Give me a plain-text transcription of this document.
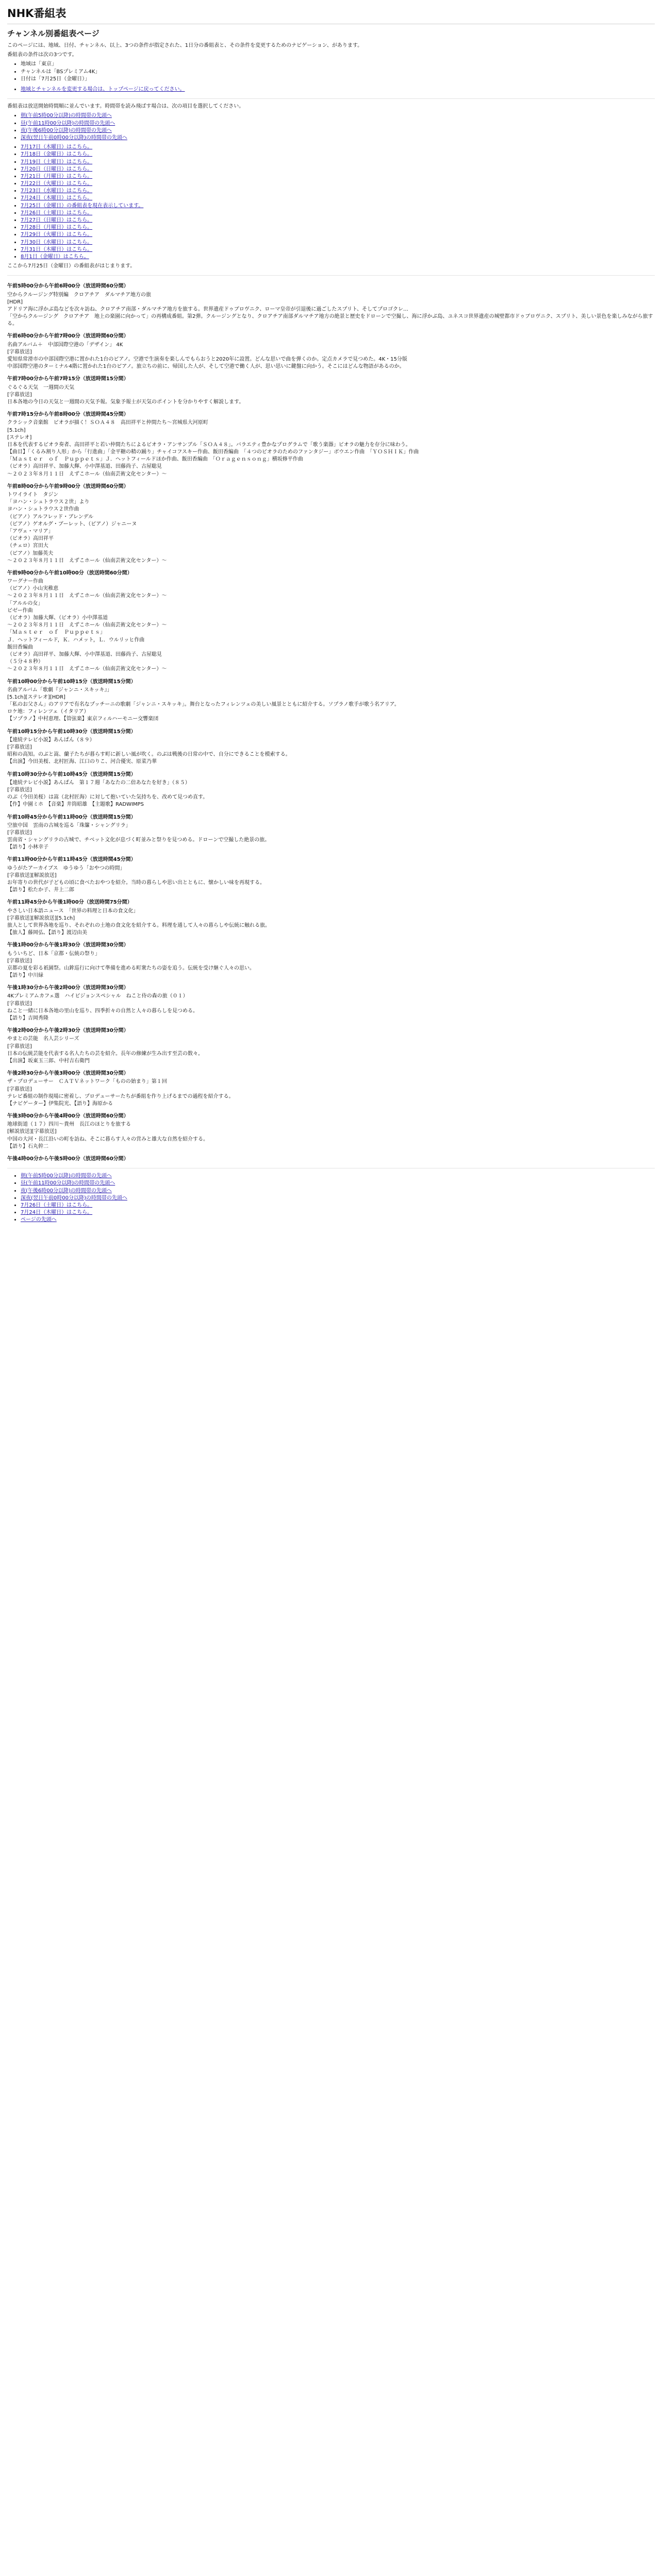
NHK番組表
チャンネル別番組表ページ

このページには、地域、日付、チャンネル、以上、3つの条件が指定された、1日分の番組表と、その条件を変更するためのナビゲーション、があります。

番組表の条件は次の3つです。

• 地域は「東京」
• チャンネルは「BSプレミアム4K」
• 日付は「7月25日（金曜日）」
• 地域とチャンネルを変更する場合は、トップページに戻ってください。

番組表は放送開始時間順に並んでいます。時間帯を読み飛ばす場合は、次の項目を選択してください。

• 朝(午前5時00分以降)の時間帯の先頭へ
• 昼(午前11時00分以降)の時間帯の先頭へ
• 夜(午後6時00分以降)の時間帯の先頭へ
• 深夜(翌日午前0時00分以降)の時間帯の先頭へ
• 7月17日（木曜日）はこちら。
• 7月18日（金曜日）はこちら。
• 7月19日（土曜日）はこちら。
• 7月20日（日曜日）はこちら。
• 7月21日（月曜日）はこちら。
• 7月22日（火曜日）はこちら。
• 7月23日（水曜日）はこちら。
• 7月24日（木曜日）はこちら。
• 7月25日（金曜日）の番組表を現在表示しています。
• 7月26日（土曜日）はこちら。
• 7月27日（日曜日）はこちら。
• 7月28日（月曜日）はこちら。
• 7月29日（火曜日）はこちら。
• 7月30日（水曜日）はこちら。
• 7月31日（木曜日）はこちら。
• 8月1日（金曜日）はこちら。

ここから7月25日（金曜日）の番組表がはじまります。

午前5時00分から午前6時00分（放送時間60分間）

空からクルージング特別編　クロアチア　ダルマチア地方の旅

[HDR]

アドリア海に浮かぶ島などを次々訪ね、クロアチア南部・ダルマチア地方を旅する。世界遺産ドゥブロヴニク、ローマ皇帝が引退後に過ごしたスプリト、そしてプロゴクレ…

「空からクルージング　クロアチア　地上の楽園に向かって」の再構成番組。第2弾。クルージングとなり、クロアチア南部ダルマチア地方の絶景と歴史をドローンで空撮し、海に浮かぶ島、ユネスコ世界遺産の城壁都市ドゥブロヴニク、スプリト、美しい景色を楽しみながら旅する。

午前6時00分から午前7時00分（放送時間60分間）

名曲アルバム＋　中部国際空港の「デザイン」 4K

[字幕放送]

愛知県常滑市の中部国際空港に置かれた1台のピアノ。空港で生演奏を楽しんでもらおうと2020年に設置。どんな思いで曲を弾くのか。定点カメラで見つめた。4K・15分版

中部国際空港のターミナル4階に置かれた1台のピアノ。旅立ちの前に、帰国した人が、そして空港で働く人が、思い思いに鍵盤に向かう。そこにはどんな物語があるのか。

午前7時00分から午前7時15分（放送時間15分間）

ぐるぐる天気　一週間の天気

[字幕放送]

日本各地の今日の天気と一週間の天気予報。気象予報士が天気のポイントを分かりやすく解説します。

午前7時15分から午前8時00分（放送時間45分間）

クラシック音楽館　ビオラが描く！ＳＯＡ４８　高田祥平と仲間たち～宮城県大河原町

[5.1ch]

[ステレオ]

日本を代表するビオラ奏者、高田祥平と若い仲間たちによるビオラ・アンサンブル「ＳＯＡ４８」。バラエティ豊かなプログラムで「歌う楽器」ビオラの魅力を存分に味わう。

【曲目】「くるみ割り人形」から「行進曲」「金平糖の精の踊り」チャイコフスキー作曲、飯田香編曲　「４つのビオラのためのファンタジー」ボウエン作曲　「ＹＯＳＨＩＫ」作曲

「Ｍａｓｔｅｒ　ｏｆ　Ｐｕｐｐｅｔｓ」Ｊ．ヘットフィールドほか作曲、飯田香編曲　「Ｏｒａｇｅｎｓｏｎｇ」横坂修平作曲

（ビオラ）高田祥平、加藤大輝、小中澤基道、田藤尚子、古屋聡見

～２０２３年８月１１日　えずこホール（仙南芸術文化センター）～

午前8時00分から午前9時00分（放送時間60分間）

トワイライト　タジン

「ヨハン・シュトラウス２世」より

ヨハン・シュトラウス２世作曲

（ピアノ）アルフレッド・ブレンデル

（ピアノ）ゲオルグ・ブーレット、（ピアノ）ジャニーヌ

「アヴェ・マリア」

（ビオラ）高田祥平

（チェロ）宮田大

（ピアノ）加藤英夫

～２０２３年８月１１日　えずこホール（仙南芸術文化センター）～

午前9時00分から午前10時00分（放送時間60分間）

ワーグナー作曲

（ピアノ）小山実稚恵

～２０２３年８月１１日　えずこホール（仙南芸術文化センター）～

「アルルの女」

ビゼー作曲

（ビオラ）加藤大輝、（ビオラ）小中澤基道

～２０２３年８月１１日　えずこホール（仙南芸術文化センター）～

「Ｍａｓｔｅｒ　ｏｆ　Ｐｕｐｐｅｔｓ」

Ｊ．ヘットフィールド，Ｋ．ハメット，Ｌ．ウルリッヒ作曲

飯田香編曲

（ビオラ）高田祥平、加藤大輝、小中澤基道、田藤尚子、古屋聡見

（５分４８秒）

～２０２３年８月１１日　えずこホール（仙南芸術文化センター）～

午前10時00分から午前10時15分（放送時間15分間）

名曲アルバム「歌劇『ジャンニ・スキッキ』」

[5.1ch][ステレオ][HDR]

「私のお父さん」のアリアで有名なプッチーニの歌劇「ジャンニ・スキッキ」。舞台となったフィレンツェの美しい風景とともに紹介する。ソプラノ歌手が歌う名アリア。

ロケ地：フィレンツェ（イタリア）

【ソプラノ】中村恵理、【管弦楽】東京フィルハーモニー交響楽団

午前10時15分から午前10時30分（放送時間15分間）

【連続テレビ小説】あんぱん（８９）

[字幕放送]

昭和の高知。のぶと嵩、蘭子たちが暮らす町に新しい風が吹く。のぶは戦後の日常の中で、自分にできることを模索する。

【出演】今田美桜、北村匠海、江口のりこ、河合優実、原菜乃華

午前10時30分から午前10時45分（放送時間15分間）

【連続テレビ小説】あんぱん　第１７週「あなたの二倍あなたを好き」（８５）

[字幕放送]

のぶ（今田美桜）は嵩（北村匠海）に対して抱いていた気持ちを、改めて見つめ直す。

【作】中園ミホ　【音楽】井筒昭雄　【主題歌】RADWIMPS

午前10時45分から午前11時00分（放送時間15分間）

空旅中国　雲南の古城を巡る「珠簾・シャングリラ」

[字幕放送]

雲南省・シャングリラの古城で、チベット文化が息づく町並みと祭りを見つめる。ドローンで空撮した絶景の旅。

【語り】小林幸子

午前11時00分から午前11時45分（放送時間45分間）

ゆうがたアーカイブス　ゆうゆう「おやつの時間」

[字幕放送][解説放送]

お年寄りの世代が子どもの頃に食べたおやつを紹介。当時の暮らしや思い出とともに、懐かしい味を再現する。

【語り】松たか子、井上二郎

午前11時45分から午後1時00分（放送時間75分間）

やさしい日本語ニュース　「世界の料理と日本の食文化」

[字幕放送][解説放送][5.1ch]

旅人として世界各地を巡り、それぞれの土地の食文化を紹介する。料理を通して人々の暮らしや伝統に触れる旅。

【旅人】藤岡弘、【語り】渡辺由美

午後1時00分から午後1時30分（放送時間30分間）

もういちど、日本「京都・伝統の祭り」

[字幕放送]

京都の夏を彩る祇園祭。山鉾巡行に向けて準備を進める町衆たちの姿を追う。伝統を受け継ぐ人々の思い。

【語り】中川緑

午後1時30分から午後2時00分（放送時間30分間）

4Kプレミアムカフェ選　ハイビジョンスペシャル　ねこと侍の森の旅（０１）

[字幕放送]

ねこと一緒に日本各地の里山を巡り、四季折々の自然と人々の暮らしを見つめる。

【語り】吉岡秀隆

午後2時00分から午後2時30分（放送時間30分間）

やまとの芸能　名人芸シリーズ

[字幕放送]

日本の伝統芸能を代表する名人たちの芸を紹介。長年の修練が生み出す至芸の数々。

【出演】坂東玉三郎、中村吉右衛門

午後2時30分から午後3時00分（放送時間30分間）

ザ・プロデューサー　ＣＡＴＶネットワーク「ものの始まり」第１回

[字幕放送]

テレビ番組の制作現場に密着し、プロデューサーたちが番組を作り上げるまでの過程を紹介する。

【ナビゲーター】伊集院光、【語り】海原かる

午後3時00分から午後4時00分（放送時間60分間）

地球街道（１７）四川～貴州　長江のほとりを旅する

[解説放送][字幕放送]

中国の大河・長江沿いの町を訪ね、そこに暮らす人々の営みと雄大な自然を紹介する。

【語り】石丸幹二

午後4時00分から午後5時00分（放送時間60分間）

• 朝(午前5時00分以降)の時間帯の先頭へ
• 昼(午前11時00分以降)の時間帯の先頭へ
• 夜(午後6時00分以降)の時間帯の先頭へ
• 深夜(翌日午前0時00分以降)の時間帯の先頭へ
• 7月26日（土曜日）はこちら。
• 7月24日（木曜日）はこちら。
• ページの先頭へ
